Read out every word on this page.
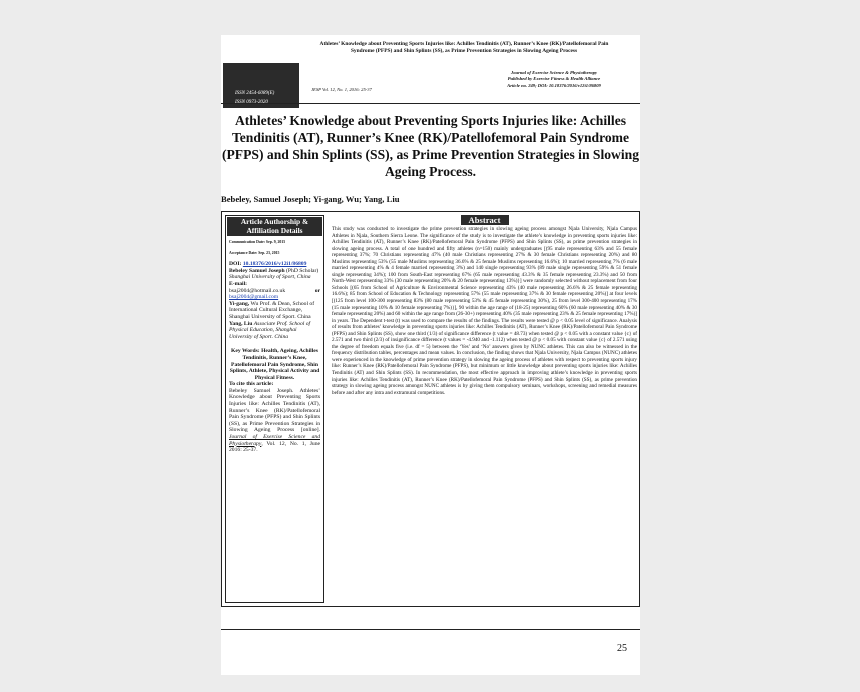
ISSN 2454-6089(E)
Athletes’ Knowledge about Preventing Sports Injuries like: Achilles Tendinitis (AT), Runner’s Knee (RK)/Patellofemoral Pain Syndrome (PFPS) and Shin Splints (SS), as Prime Prevention Strategies in Slowing Ageing Process
JESP Vol. 12, No. 1, 2016: 25-37
Journal of Exercise Science & Physiotherapy
Published by Exercise Fitness & Health Alliance
Article no. 249; DOI: 10.18376/2016/v12i1/86809
Athletes’ Knowledge about Preventing Sports Injuries like: Achilles Tendinitis (AT), Runner’s Knee (RK)/Patellofemoral Pain Syndrome (PFPS) and Shin Splints (SS), as Prime Prevention Strategies in Slowing Ageing Process.
Bebeley, Samuel Joseph; Yi-gang, Wu; Yang, Liu
Article Authorship & Affiliation Details
Communication Date: Sep. 9, 2015
Acceptance Date: Sep. 23, 2015
DOI: 10.18376/2016/v12i1/86809
Bebeley Samuel Joseph (PhD Scholar)
Shanghai University of Sport, China
E-mail:
bsaj2004@hotmail.co.uk	or
bsaj2004@gmail.com
Yi-gang, Wu Prof. & Dean, School of International Cultural Exchange, Shanghai University of Sport. China
Yang, Liu Associate Prof. School of Physical Education, Shanghai University of Sport. China
Key Words: Health, Ageing, Achilles Tendinitis, Runner’s Knee, Patellofemoral Pain Syndrome, Shin Splints, Athlete, Physical Activity and Physical Fitness.
To cite this article:
Bebeley Samuel Joseph. Athletes’ Knowledge about Preventing Sports Injuries like: Achilles Tendinitis (AT), Runner’s Knee (RK)/Patellofemoral Pain Syndrome (PFPS) and Shin Splints (SS), as Prime Prevention Strategies in Slowing Ageing Process [online]. Journal of Exercise Science and Physiotherapy, Vol. 12, No. 1, June 2016: 25-37.
Abstract
This study was conducted to investigate the prime prevention strategies in slowing ageing process amongst Njala University, Njala Campus Athletes in Njala, Southern Sierra Leone. The significance of the study is to investigate the athlete’s knowledge in preventing sports injuries like: Achilles Tendinitis (AT), Runner’s Knee (RK)/Patellofemoral Pain Syndrome (PFPS) and Shin Splints (SS), as prime prevention strategies in slowing ageing process. A total of one hundred and fifty athletes (n=150) mainly undergraduates [(95 male representing 63% and 55 female representing 37%; 70 Christians representing 47% (40 male Christians representing 27% & 30 female Christians representing 20%) and 80 Muslims representing 53% (55 male Muslims representing 36.6% & 25 female Muslims representing 16.6%); 10 married representing 7% (6 male married representing 4% & 4 female married representing 3%) and 140 single representing 93% (89 male single representing 59% & 51 female single representing 34%); 100 from South-East representing 67% (65 male representing 43.3% & 35 female representing 23.3%) and 50 from North-West representing 33% (30 male representing 20% & 20 female representing 13%)}] were randomly selected without replacement from four Schools [(65 from School of Agriculture & Environmental Science representing 43% (40 male representing 26.6% & 25 female representing 16.6%); 85 from School of Education & Technology representing 57% (55 male representing 37% & 30 female representing 20%)] at four levels [(125 from level 100-300 representing 83% (80 male representing 53% & 45 female representing 30%), 25 from level 300-400 representing 17% (15 male representing 10% & 10 female representing 7%)}], 90 within the age range of (18-25) representing 60% (60 male representing 40% & 30 female representing 20%) and 60 within the age range from (26-30+) representing 40% (35 male representing 23% & 25 female representing 17%)] in years. The Dependent t-test (t) was used to compare the results of the findings. The results were tested @ p < 0.05 level of significance. Analysis of results from athletes’ knowledge in preventing sports injuries like: Achilles Tendinitis (AT), Runner’s Knee (RK)/Patellofemoral Pain Syndrome (PFPS) and Shin Splints (SS), show one third (1/3) of significance difference (t value = 48.73) when tested @ p < 0.05 with a constant value {c} of 2.571 and two third (2/3) of insignificance difference (t values = -4.940 and -1.112) when tested @ p < 0.05 with constant value {c} of 2.571 using the degree of freedom equals five (i.e. df = 5) between the ‘Yes’ and ‘No’ answers given by NUNC athletes. This can also be witnessed in the frequency distribution tables, percentages and mean values. In conclusion, the finding shows that Njala University, Njala Campus (NUNC) athletes were experienced in the knowledge of prime prevention strategy in slowing the ageing process of athletes with respect to preventing sports injury like: Runner’s Knee (RK)/Patellofemoral Pain Syndrome (PFPS), but minimum or little knowledge about preventing sports injuries like: Achilles Tendinitis (AT) and Shin Splints (SS). In recommendation, the most effective approach in improving athlete’s knowledge in preventing sports injuries like: Achilles Tendinitis (AT), Runner’s Knee (RK)/Patellofemoral Pain Syndrome (PFPS) and Shin Splints (SS), as prime prevention strategy in slowing ageing process amongst NUNC athletes is by giving them compulsory seminars, workshops, screening and remedial measures before and after any intra and extramural competitions.
25
